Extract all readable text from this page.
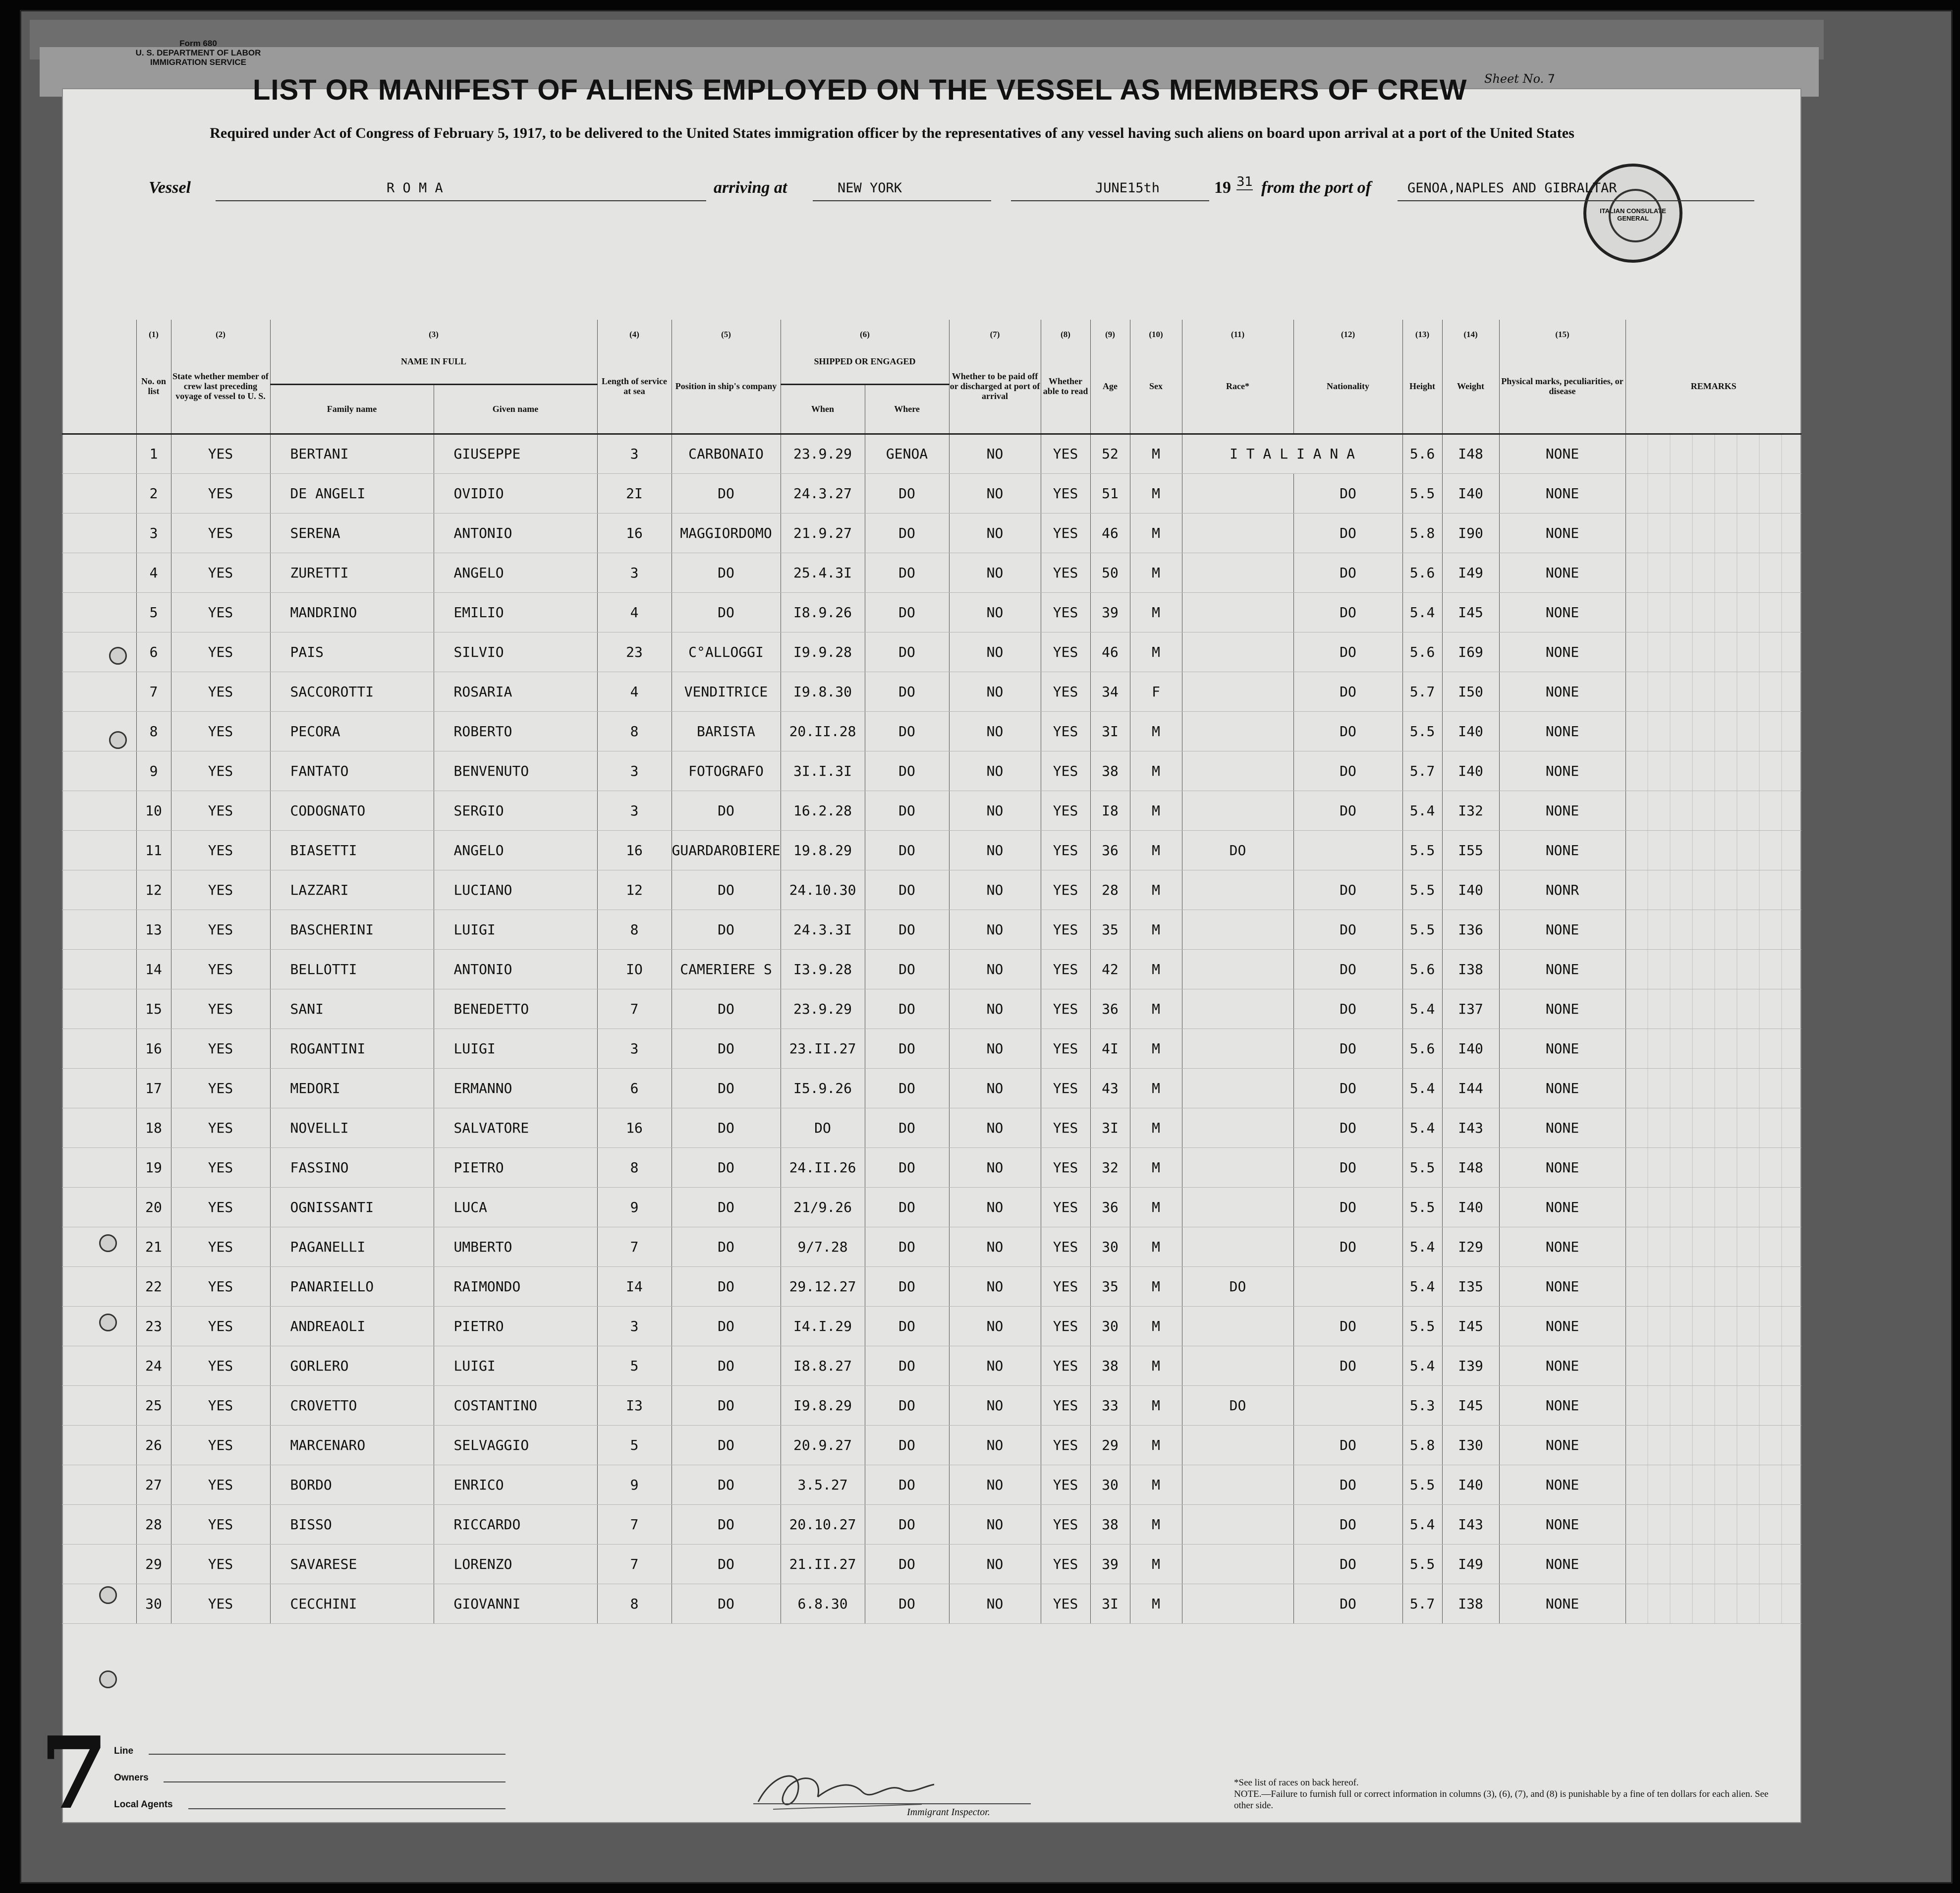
Form 680
U. S. DEPARTMENT OF LABOR
IMMIGRATION SERVICE
Sheet No. 7
LIST OR MANIFEST OF ALIENS EMPLOYED ON THE VESSEL AS MEMBERS OF CREW
Required under Act of Congress of February 5, 1917, to be delivered to the United States immigration officer by the representatives of any vessel having such aliens on board upon arrival at a port of the United States
ITALIAN CONSULATE GENERAL
Vessel	R O M A	arriving at	NEW YORK	JUNE15th	19 31 from the port of	GENOA,NAPLES AND GIBRALTAR
	(1)	(2)	(3)		(4)	(5)	(6)		(7)	(8)	(9)	(10)	(11)	(12)	(13)	(14)	(15)	
	No. on list	State whether member of crew last preceding voyage of vessel to U. S.	NAME IN FULL		Length of service at sea	Position in ship's company	SHIPPED OR ENGAGED		Whether to be paid off or discharged at port of arrival	Whether able to read	Age	Sex	Race*	Nationality	Height	Weight	Physical marks, peculiarities, or disease	REMARKS
			Family name	Given name			When	Where										
	1	YES	BERTANI	GIUSEPPE	3	CARBONAIO	23.9.29	GENOA	NO	YES	52	M	I T A L I A N A		5.6	I48	NONE	
	2	YES	DE ANGELI	OVIDIO	2I	DO	24.3.27	DO	NO	YES	51	M		DO	5.5	I40	NONE	
	3	YES	SERENA	ANTONIO	16	MAGGIORDOMO	21.9.27	DO	NO	YES	46	M		DO	5.8	I90	NONE	
	4	YES	ZURETTI	ANGELO	3	DO	25.4.3I	DO	NO	YES	50	M		DO	5.6	I49	NONE	
	5	YES	MANDRINO	EMILIO	4	DO	I8.9.26	DO	NO	YES	39	M		DO	5.4	I45	NONE	
	6	YES	PAIS	SILVIO	23	C°ALLOGGI	I9.9.28	DO	NO	YES	46	M		DO	5.6	I69	NONE	
	7	YES	SACCOROTTI	ROSARIA	4	VENDITRICE	I9.8.30	DO	NO	YES	34	F		DO	5.7	I50	NONE	
	8	YES	PECORA	ROBERTO	8	BARISTA	20.II.28	DO	NO	YES	3I	M		DO	5.5	I40	NONE	
	9	YES	FANTATO	BENVENUTO	3	FOTOGRAFO	3I.I.3I	DO	NO	YES	38	M		DO	5.7	I40	NONE	
	10	YES	CODOGNATO	SERGIO	3	DO	16.2.28	DO	NO	YES	I8	M		DO	5.4	I32	NONE	
	11	YES	BIASETTI	ANGELO	16	GUARDAROBIERE	19.8.29	DO	NO	YES	36	M	DO		5.5	I55	NONE	
	12	YES	LAZZARI	LUCIANO	12	DO	24.10.30	DO	NO	YES	28	M		DO	5.5	I40	NONR	
	13	YES	BASCHERINI	LUIGI	8	DO	24.3.3I	DO	NO	YES	35	M		DO	5.5	I36	NONE	
	14	YES	BELLOTTI	ANTONIO	IO	CAMERIERE S	I3.9.28	DO	NO	YES	42	M		DO	5.6	I38	NONE	
	15	YES	SANI	BENEDETTO	7	DO	23.9.29	DO	NO	YES	36	M		DO	5.4	I37	NONE	
	16	YES	ROGANTINI	LUIGI	3	DO	23.II.27	DO	NO	YES	4I	M		DO	5.6	I40	NONE	
	17	YES	MEDORI	ERMANNO	6	DO	I5.9.26	DO	NO	YES	43	M		DO	5.4	I44	NONE	
	18	YES	NOVELLI	SALVATORE	16	DO	DO	DO	NO	YES	3I	M		DO	5.4	I43	NONE	
	19	YES	FASSINO	PIETRO	8	DO	24.II.26	DO	NO	YES	32	M		DO	5.5	I48	NONE	
	20	YES	OGNISSANTI	LUCA	9	DO	21/9.26	DO	NO	YES	36	M		DO	5.5	I40	NONE	
	21	YES	PAGANELLI	UMBERTO	7	DO	9/7.28	DO	NO	YES	30	M		DO	5.4	I29	NONE	
	22	YES	PANARIELLO	RAIMONDO	I4	DO	29.12.27	DO	NO	YES	35	M	DO		5.4	I35	NONE	
	23	YES	ANDREAOLI	PIETRO	3	DO	I4.I.29	DO	NO	YES	30	M		DO	5.5	I45	NONE	
	24	YES	GORLERO	LUIGI	5	DO	I8.8.27	DO	NO	YES	38	M		DO	5.4	I39	NONE	
	25	YES	CROVETTO	COSTANTINO	I3	DO	I9.8.29	DO	NO	YES	33	M	DO		5.3	I45	NONE	
	26	YES	MARCENARO	SELVAGGIO	5	DO	20.9.27	DO	NO	YES	29	M		DO	5.8	I30	NONE	
	27	YES	BORDO	ENRICO	9	DO	3.5.27	DO	NO	YES	30	M		DO	5.5	I40	NONE	
	28	YES	BISSO	RICCARDO	7	DO	20.10.27	DO	NO	YES	38	M		DO	5.4	I43	NONE	
	29	YES	SAVARESE	LORENZO	7	DO	21.II.27	DO	NO	YES	39	M		DO	5.5	I49	NONE	
	30	YES	CECCHINI	GIOVANNI	8	DO	6.8.30	DO	NO	YES	3I	M		DO	5.7	I38	NONE	
7 Line
Owners
Local Agents
Immigrant Inspector.
*See list of races on back hereof.
NOTE.—Failure to furnish full or correct information in columns (3), (6), (7), and (8) is punishable by a fine of ten dollars for each alien. See other side.
